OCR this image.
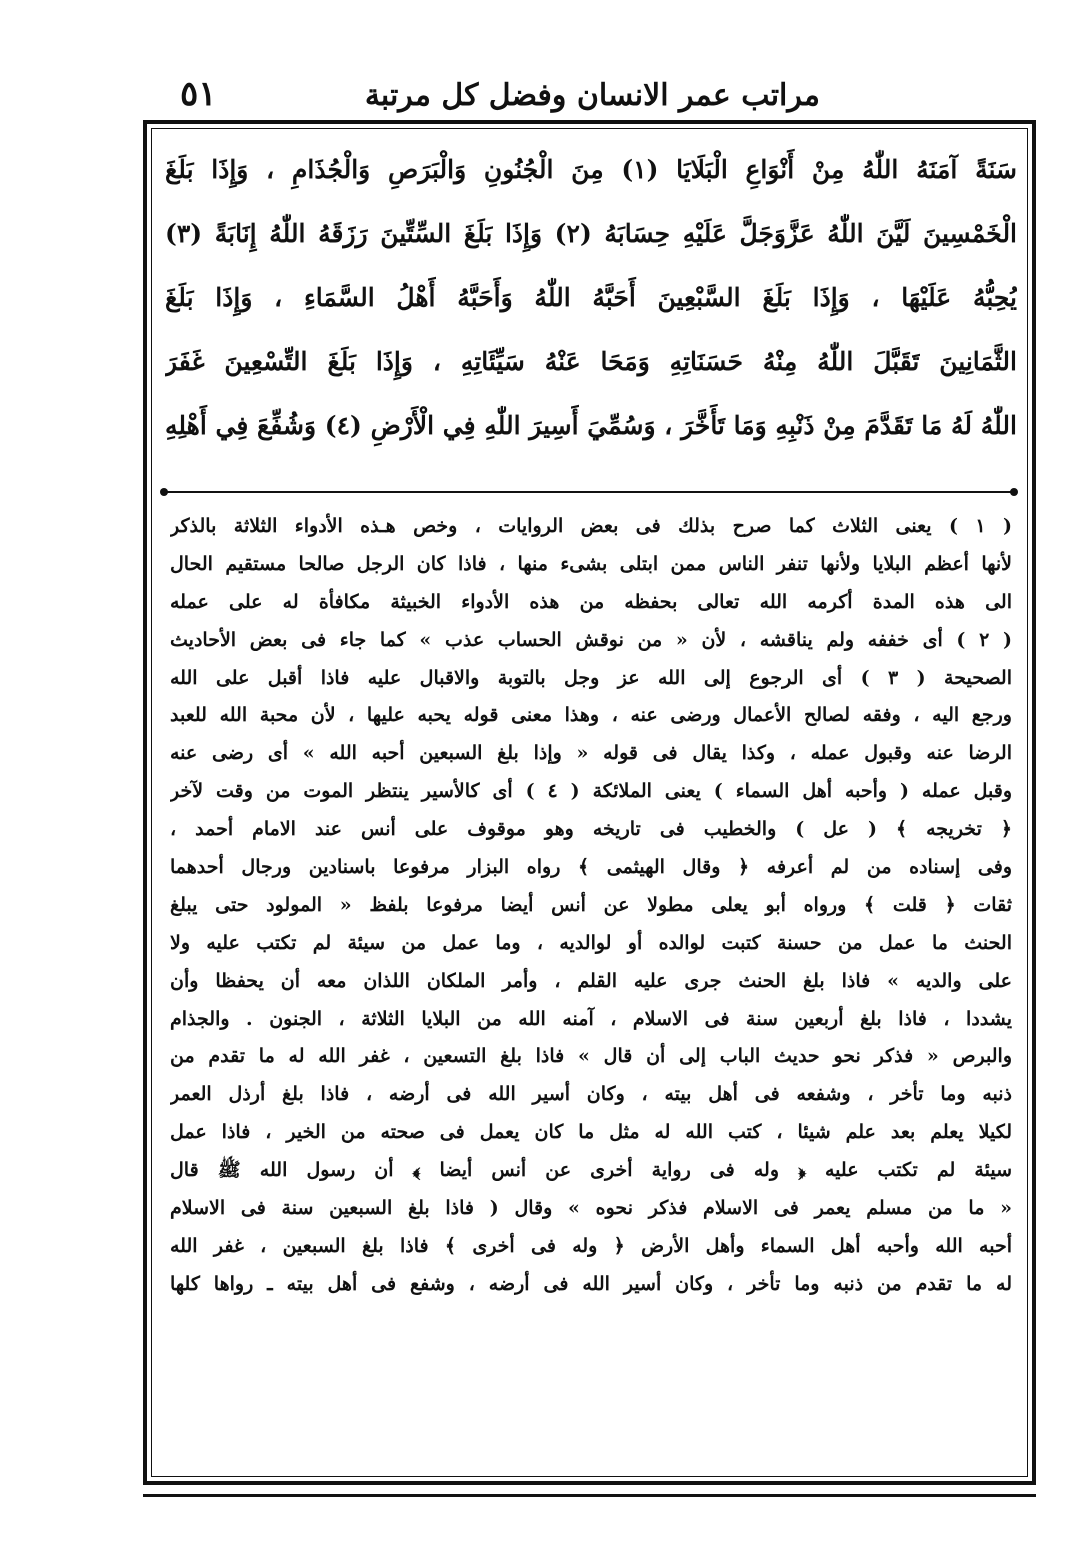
مراتب عمر الانسان وفضل كل مرتبة
٥١
سَنَةً آمَنَهُ اللّٰهُ مِنْ أَنْوَاعِ الْبَلَايَا (١) مِنَ الْجُنُونِ وَالْبَرَصِ وَالْجُذَامِ ، وَإِذَا بَلَغَ
الْخَمْسِينَ لَيَّنَ اللّٰهُ عَزَّوَجَلَّ عَلَيْهِ حِسَابَهُ (٢) وَإِذَا بَلَغَ السِّتِّينَ رَزَقَهُ اللّٰهُ إِنَابَةً (٣)
يُحِبُّهُ عَلَيْهَا ، وَإِذَا بَلَغَ السَّبْعِينَ أَحَبَّهُ اللّٰهُ وَأَحَبَّهُ أَهْلُ السَّمَاءِ ، وَإِذَا بَلَغَ
الثَّمَانِينَ تَقَبَّلَ اللّٰهُ مِنْهُ حَسَنَاتِهِ وَمَحَا عَنْهُ سَيِّئَاتِهِ ، وَإِذَا بَلَغَ التِّسْعِينَ غَفَرَ
اللّٰهُ لَهُ مَا تَقَدَّمَ مِنْ ذَنْبِهِ وَمَا تَأَخَّرَ ، وَسُمِّيَ أَسِيرَ اللّٰهِ فِي الْأَرْضِ (٤) وَشُفِّعَ فِي أَهْلِهِ
( ١ ) يعنى الثلاث كما صرح بذلك فى بعض الروايات ، وخص هـذه الأدواء الثلاثة بالذكر
لأنها أعظم البلايا ولأنها تنفر الناس ممن ابتلى بشىء منها ، فاذا كان الرجل صالحا مستقيم الحال
الى هذه المدة أكرمه الله تعالى بحفظه من هذه الأدواء الخبيثة مكافأة له على عمله
( ٢ ) أى خففه ولم يناقشه ، لأن « من نوقش الحساب عذب » كما جاء فى بعض الأحاديث
الصحيحة ( ٣ ) أى الرجوع إلى الله عز وجل بالتوبة والاقبال عليه فاذا أقبل على الله
ورجع اليه ، وفقه لصالح الأعمال ورضى عنه ، وهذا معنى قوله يحبه عليها ، لأن محبة الله للعبد
الرضا عنه وقبول عمله ، وكذا يقال فى قوله « وإذا بلغ السبعين أحبه الله » أى رضى عنه
وقبل عمله ( وأحبه أهل السماء ) يعنى الملائكة ( ٤ ) أى كالأسير ينتظر الموت من وقت لآخر
﴿ تخريجه ﴾ ( عل ) والخطيب فى تاريخه وهو موقوف على أنس عند الامام أحمد ،
وفى إسناده من لم أعرفه ﴿ وقال الهيثمى ﴾ رواه البزار مرفوعا باسنادين ورجال أحدهما
ثقات ﴿ قلت ﴾ ورواه أبو يعلى مطولا عن أنس أيضا مرفوعا بلفظ « المولود حتى يبلغ
الحنث ما عمل من حسنة كتبت لوالده أو لوالديه ، وما عمل من سيئة لم تكتب عليه ولا
على والديه » فاذا بلغ الحنث جرى عليه القلم ، وأمر الملكان اللذان معه أن يحفظا وأن
يشددا ، فاذا بلغ أربعين سنة فى الاسلام ، آمنه الله من البلايا الثلاثة ، الجنون . والجذام
والبرص « فذكر نحو حديث الباب إلى أن قال » فاذا بلغ التسعين ، غفر الله له ما تقدم من
ذنبه وما تأخر ، وشفعه فى أهل بيته ، وكان أسير الله فى أرضه ، فاذا بلغ أرذل العمر
لكيلا يعلم بعد علم شيئا ، كتب الله له مثل ما كان يعمل فى صحته من الخير ، فاذا عمل
سيئة لم تكتب عليه ﴿ وله فى رواية أخرى عن أنس أيضا ﴾ أن رسول الله ﷺ قال
« ما من مسلم يعمر فى الاسلام فذكر نحوه » وقال ( فاذا بلغ السبعين سنة فى الاسلام
أحبه الله وأحبه أهل السماء وأهل الأرض ﴿ وله فى أخرى ﴾ فاذا بلغ السبعين ، غفر الله
له ما تقدم من ذنبه وما تأخر ، وكان أسير الله فى أرضه ، وشفع فى أهل بيته ـ رواها كلها
